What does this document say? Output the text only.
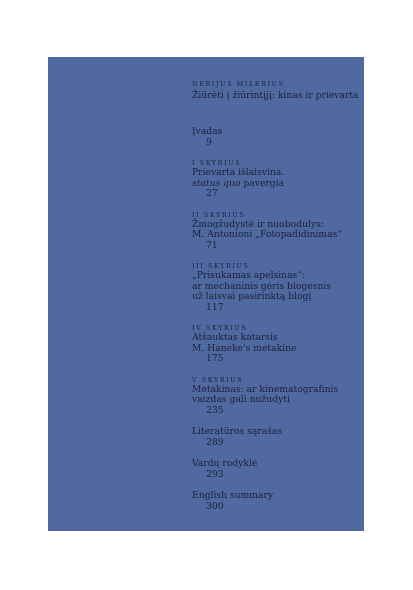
NERIJUS MILERIUS

Žiūrėti į žiūrintįjį: kinas ir prievarta

Įvadas
9
I SKYRIUS
Prievarta išlaisvina.
status quo pavergia
27
II SKYRIUS
Žmogžudystė ir nuobodulys:
M. Antonioni „Fotopadidinimas“
71
III SKYRIUS
„Prisukamas apelsinas“:
ar mechaninis gėris blogesnis
už laisvai pasirinktą blogį
117
IV SKYRIUS
Atšauktas katarsis
M. Haneke's metakine
175
V SKYRIUS
Metakinas: ar kinematografinis
vaizdas gali nužudyti
235
Literatūros sąrašas
289
Vardų rodyklė
293
English summary
300
